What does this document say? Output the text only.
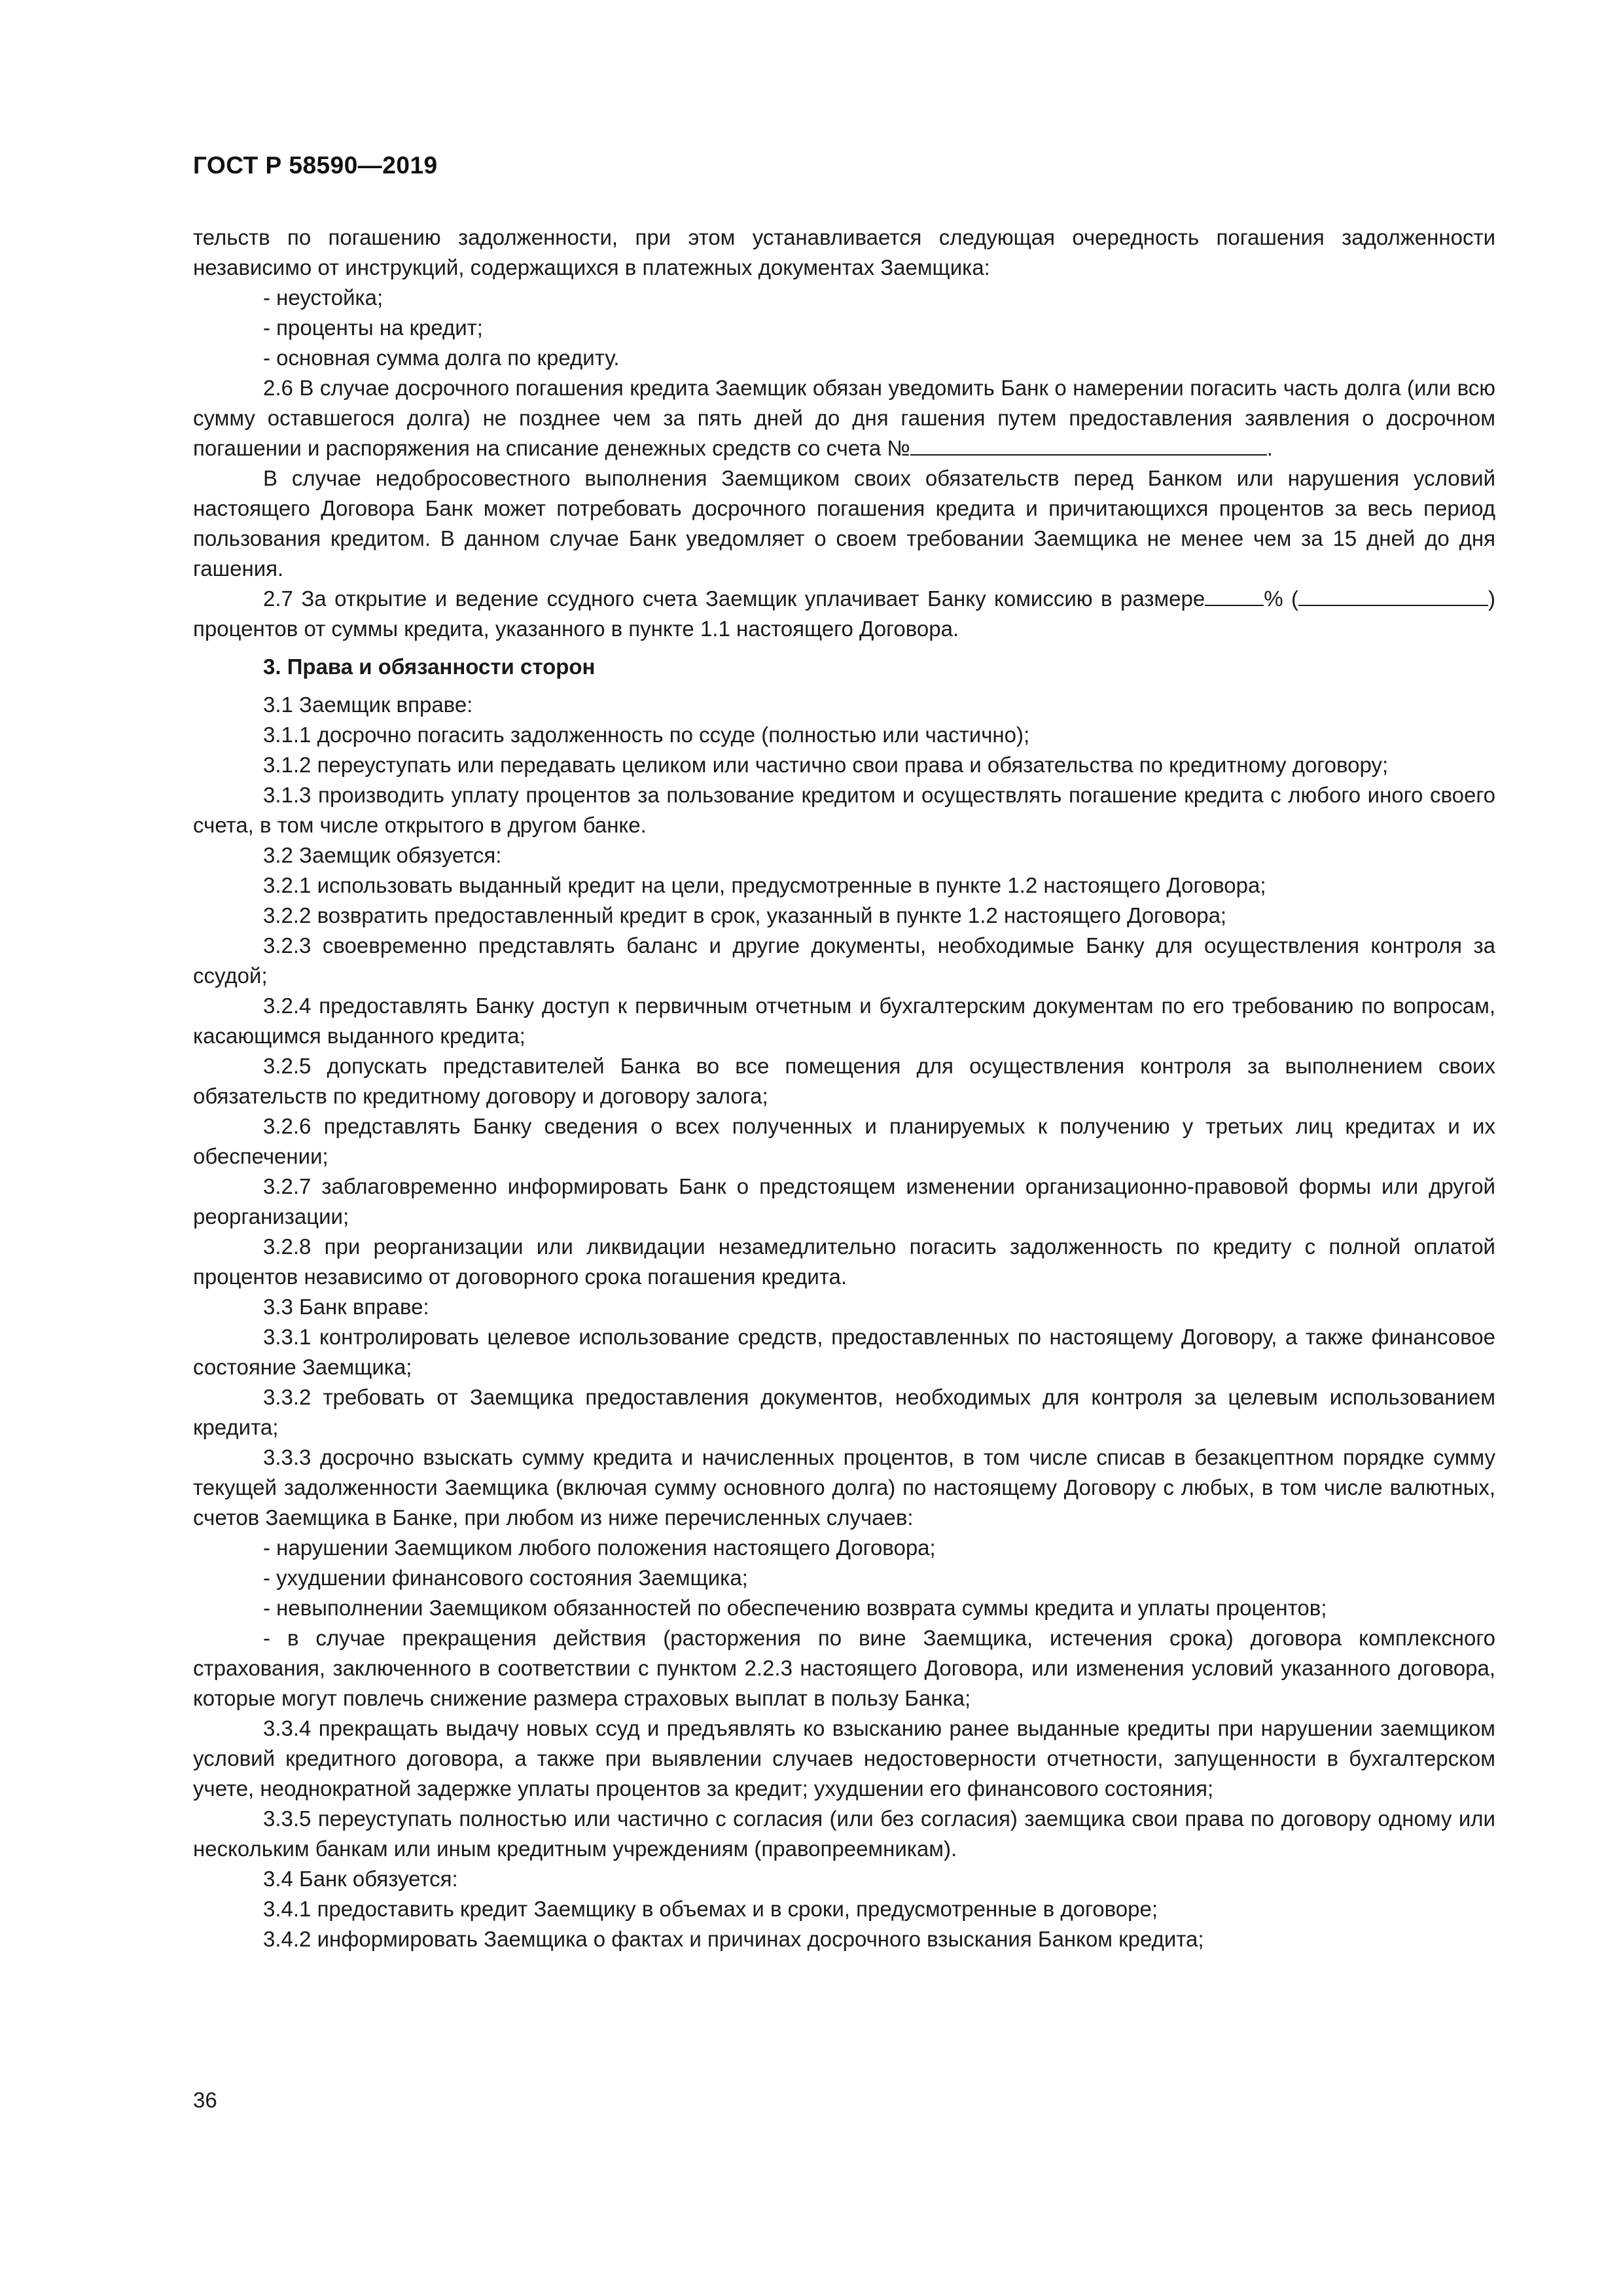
ГОСТ Р 58590—2019

тельств по погашению задолженности, при этом устанавливается следующая очередность погашения задолженности независимо от инструкций, содержащихся в платежных документах Заемщика:

- неустойка;

- проценты на кредит;

- основная сумма долга по кредиту.

2.6 В случае досрочного погашения кредита Заемщик обязан уведомить Банк о намерении погасить часть долга (или всю сумму оставшегося долга) не позднее чем за пять дней до дня гашения путем предоставления заявления о досрочном погашении и распоряжения на списание денежных средств со счета №	.

В случае недобросовестного выполнения Заемщиком своих обязательств перед Банком или нарушения условий настоящего Договора Банк может потребовать досрочного погашения кредита и причитающихся процентов за весь период пользования кредитом. В данном случае Банк уведомляет о своем требовании Заемщика не менее чем за 15 дней до дня гашения.

2.7 За открытие и ведение ссудного счета Заемщик уплачивает Банку комиссию в размере	% (	) процентов от суммы кредита, указанного в пункте 1.1 настоящего Договора.

3. Права и обязанности сторон

3.1 Заемщик вправе:

3.1.1 досрочно погасить задолженность по ссуде (полностью или частично);

3.1.2 переуступать или передавать целиком или частично свои права и обязательства по кредитному договору;

3.1.3 производить уплату процентов за пользование кредитом и осуществлять погашение кредита с любого иного своего счета, в том числе открытого в другом банке.

3.2 Заемщик обязуется:

3.2.1 использовать выданный кредит на цели, предусмотренные в пункте 1.2 настоящего Договора;

3.2.2 возвратить предоставленный кредит в срок, указанный в пункте 1.2 настоящего Договора;

3.2.3 своевременно представлять баланс и другие документы, необходимые Банку для осуществления контроля за ссудой;

3.2.4 предоставлять Банку доступ к первичным отчетным и бухгалтерским документам по его требованию по вопросам, касающимся выданного кредита;

3.2.5 допускать представителей Банка во все помещения для осуществления контроля за выполнением своих обязательств по кредитному договору и договору залога;

3.2.6 представлять Банку сведения о всех полученных и планируемых к получению у третьих лиц кредитах и их обеспечении;

3.2.7 заблаговременно информировать Банк о предстоящем изменении организационно-правовой формы или другой реорганизации;

3.2.8 при реорганизации или ликвидации незамедлительно погасить задолженность по кредиту с полной оплатой процентов независимо от договорного срока погашения кредита.

3.3 Банк вправе:

3.3.1 контролировать целевое использование средств, предоставленных по настоящему Договору, а также финансовое состояние Заемщика;

3.3.2 требовать от Заемщика предоставления документов, необходимых для контроля за целевым использованием кредита;

3.3.3 досрочно взыскать сумму кредита и начисленных процентов, в том числе списав в безакцептном порядке сумму текущей задолженности Заемщика (включая сумму основного долга) по настоящему Договору с любых, в том числе валютных, счетов Заемщика в Банке, при любом из ниже перечисленных случаев:

- нарушении Заемщиком любого положения настоящего Договора;

- ухудшении финансового состояния Заемщика;

- невыполнении Заемщиком обязанностей по обеспечению возврата суммы кредита и уплаты процентов;

- в случае прекращения действия (расторжения по вине Заемщика, истечения срока) договора комплексного страхования, заключенного в соответствии с пунктом 2.2.3 настоящего Договора, или изменения условий указанного договора, которые могут повлечь снижение размера страховых выплат в пользу Банка;

3.3.4 прекращать выдачу новых ссуд и предъявлять ко взысканию ранее выданные кредиты при нарушении заемщиком условий кредитного договора, а также при выявлении случаев недостоверности отчетности, запущенности в бухгалтерском учете, неоднократной задержке уплаты процентов за кредит; ухудшении его финансового состояния;

3.3.5 переуступать полностью или частично с согласия (или без согласия) заемщика свои права по договору одному или нескольким банкам или иным кредитным учреждениям (правопреемникам).

3.4 Банк обязуется:

3.4.1 предоставить кредит Заемщику в объемах и в сроки, предусмотренные в договоре;

3.4.2 информировать Заемщика о фактах и причинах досрочного взыскания Банком кредита;

36
